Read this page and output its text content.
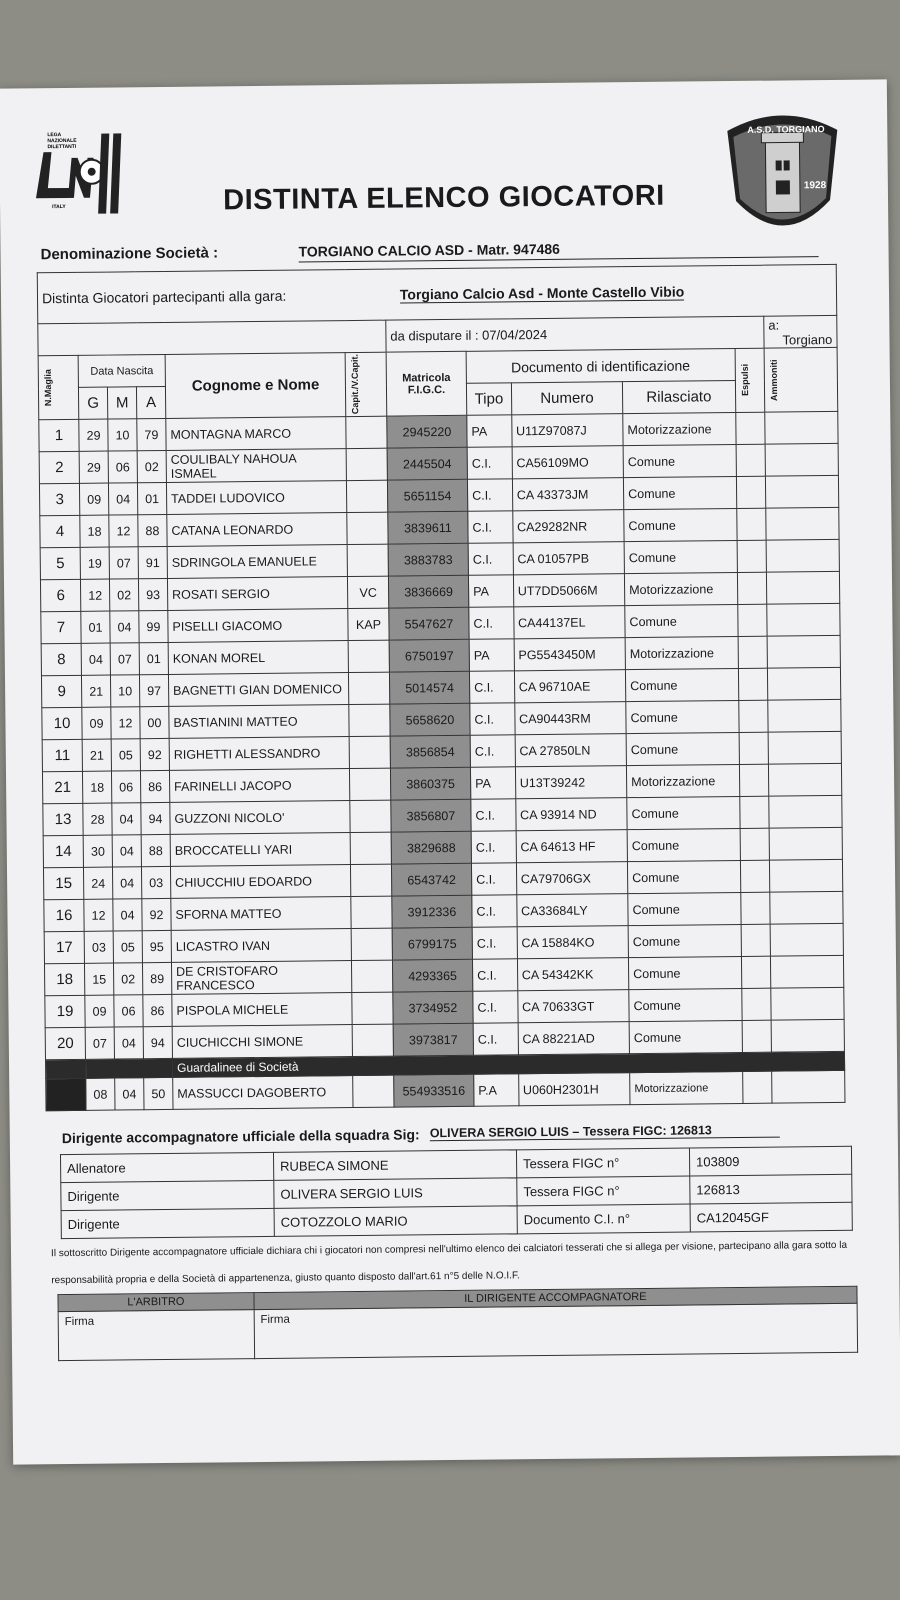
LEGA
NAZIONALE
DILETTANTI
ITALY
A.S.D. TORGIANO
1928
DISTINTA ELENCO GIOCATORI
Denominazione Società :	TORGIANO CALCIO ASD - Matr. 947486
Distinta Giocatori partecipanti alla gara: Torgiano Calcio Asd - Monte Castello Vibio											
						da disputare il : 07/04/2024					a: Torgiano

N.Maglia	Data Nascita			Cognome e Nome	Capit./V.Capit.	Matricola
F.I.G.C.	Documento di identificazione			Espulsi	Ammoniti

	G	M	A				Tipo	Numero	Rilasciato		
1	29	10	79	MONTAGNA MARCO		2945220	PA	U11Z97087J	Motorizzazione		
2	29	06	02	COULIBALY NAHOUA ISMAEL		2445504	C.I.	CA56109MO	Comune		
3	09	04	01	TADDEI LUDOVICO		5651154	C.I.	CA 43373JM	Comune		
4	18	12	88	CATANA LEONARDO		3839611	C.I.	CA29282NR	Comune		
5	19	07	91	SDRINGOLA EMANUELE		3883783	C.I.	CA 01057PB	Comune		
6	12	02	93	ROSATI SERGIO	VC	3836669	PA	UT7DD5066M	Motorizzazione		
7	01	04	99	PISELLI GIACOMO	KAP	5547627	C.I.	CA44137EL	Comune		
8	04	07	01	KONAN MOREL		6750197	PA	PG5543450M	Motorizzazione		
9	21	10	97	BAGNETTI GIAN DOMENICO		5014574	C.I.	CA 96710AE	Comune		
10	09	12	00	BASTIANINI MATTEO		5658620	C.I.	CA90443RM	Comune		
11	21	05	92	RIGHETTI ALESSANDRO		3856854	C.I.	CA 27850LN	Comune		
21	18	06	86	FARINELLI JACOPO		3860375	PA	U13T39242	Motorizzazione		
13	28	04	94	GUZZONI NICOLO'		3856807	C.I.	CA 93914 ND	Comune		
14	30	04	88	BROCCATELLI YARI		3829688	C.I.	CA 64613 HF	Comune		
15	24	04	03	CHIUCCHIU EDOARDO		6543742	C.I.	CA79706GX	Comune		
16	12	04	92	SFORNA MATTEO		3912336	C.I.	CA33684LY	Comune		
17	03	05	95	LICASTRO IVAN		6799175	C.I.	CA 15884KO	Comune		
18	15	02	89	DE CRISTOFARO FRANCESCO		4293365	C.I.	CA 54342KK	Comune		
19	09	06	86	PISPOLA MICHELE		3734952	C.I.	CA 70633GT	Comune		
20	07	04	94	CIUCHICCHI SIMONE		3973817	C.I.	CA 88221AD	Comune		
				Guardalinee di Società							
	08	04	50	MASSUCCI DAGOBERTO		554933516	P.A	U060H2301H	Motorizzazione		
Dirigente accompagnatore ufficiale della squadra Sig: OLIVERA SERGIO LUIS – Tessera FIGC: 126813
Allenatore	RUBECA SIMONE	Tessera FIGC n°	103809
Dirigente	OLIVERA SERGIO LUIS	Tessera FIGC n°	126813
Dirigente	COTOZZOLO MARIO	Documento C.I. n°	CA12045GF
Il sottoscritto Dirigente accompagnatore ufficiale dichiara chi i giocatori non compresi nell'ultimo elenco dei calciatori tesserati che si allega per visione, partecipano alla gara sotto la responsabilità propria e della Società di appartenenza, giusto quanto disposto dall'art.61 n°5 delle N.O.I.F.
L'ARBITRO	IL DIRIGENTE ACCOMPAGNATORE
Firma	Firma
